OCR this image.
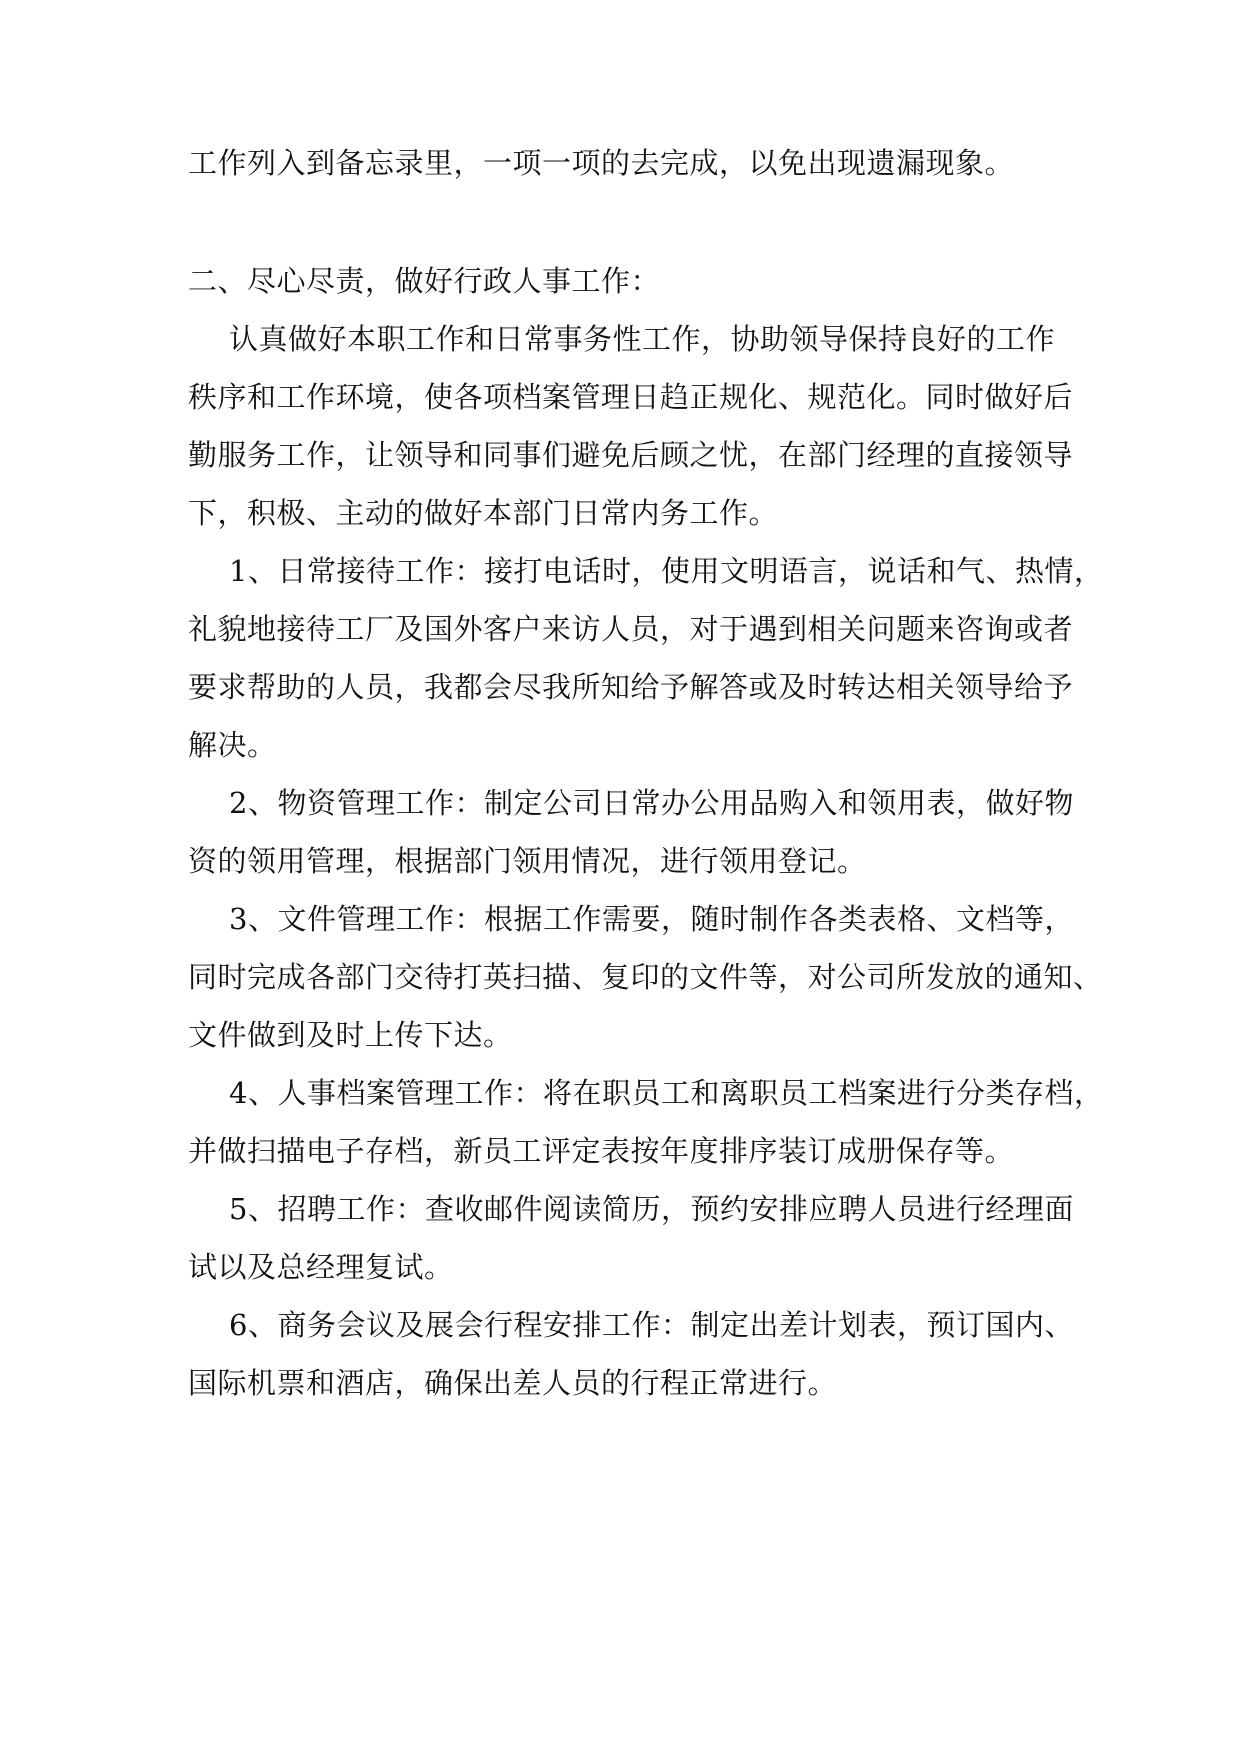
工作列入到备忘录里，一项一项的去完成，以免出现遗漏现象。
二、尽心尽责，做好行政人事工作：
认真做好本职工作和日常事务性工作，协助领导保持良好的工作
秩序和工作环境，使各项档案管理日趋正规化、规范化。同时做好后
勤服务工作，让领导和同事们避免后顾之忧，在部门经理的直接领导
下，积极、主动的做好本部门日常内务工作。
1、日常接待工作：接打电话时，使用文明语言，说话和气、热情，
礼貌地接待工厂及国外客户来访人员，对于遇到相关问题来咨询或者
要求帮助的人员，我都会尽我所知给予解答或及时转达相关领导给予
解决。
2、物资管理工作：制定公司日常办公用品购入和领用表，做好物
资的领用管理，根据部门领用情况，进行领用登记。
3、文件管理工作：根据工作需要，随时制作各类表格、文档等，
同时完成各部门交待打英扫描、复印的文件等，对公司所发放的通知、
文件做到及时上传下达。
4、人事档案管理工作：将在职员工和离职员工档案进行分类存档，
并做扫描电子存档，新员工评定表按年度排序装订成册保存等。
5、招聘工作：查收邮件阅读简历，预约安排应聘人员进行经理面
试以及总经理复试。
6、商务会议及展会行程安排工作：制定出差计划表，预订国内、
国际机票和酒店，确保出差人员的行程正常进行。
